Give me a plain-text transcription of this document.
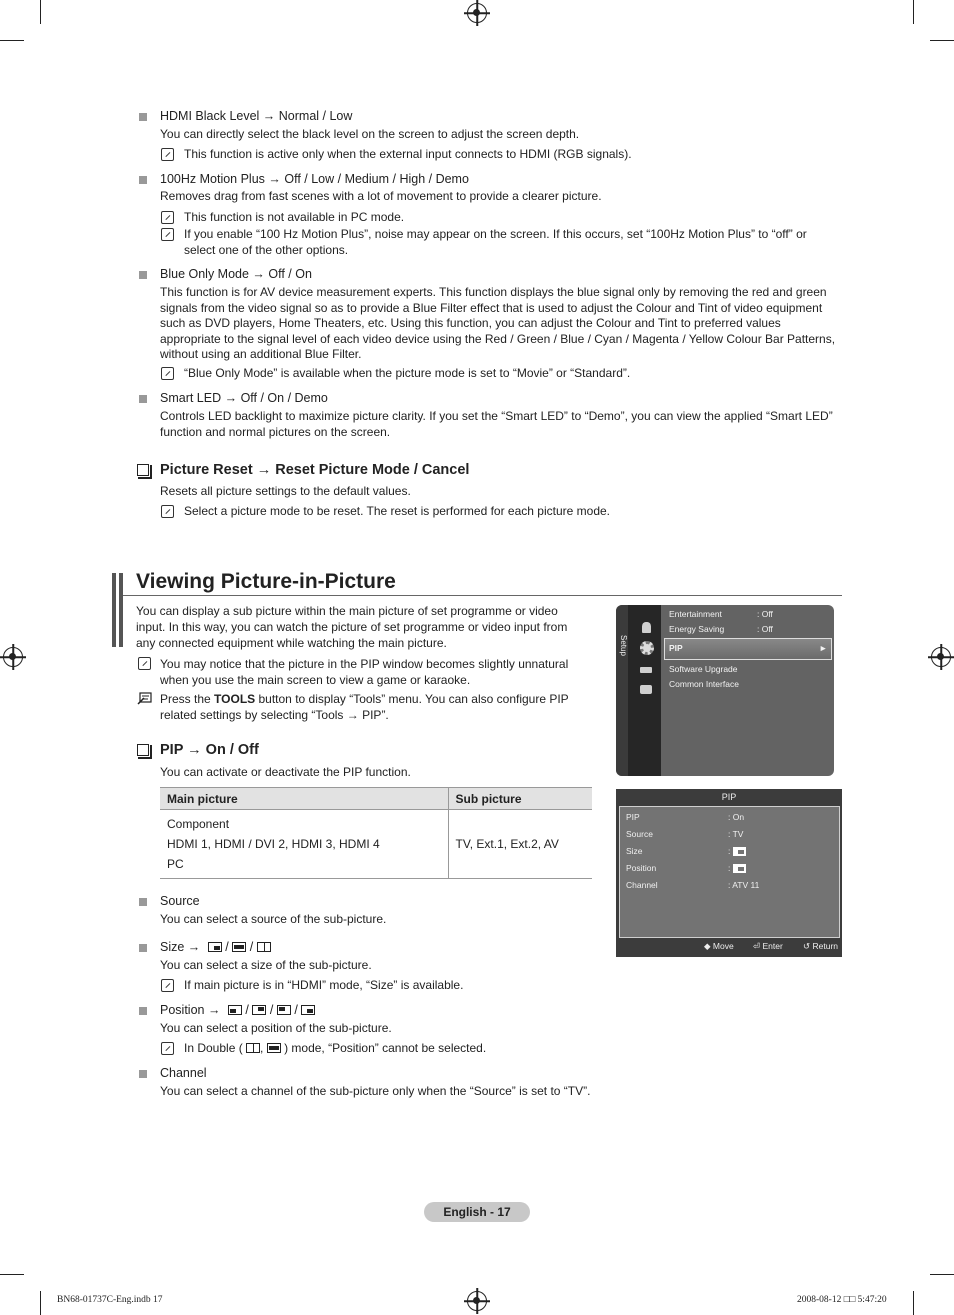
HDMI Black Level → Normal / Low
You can directly select the black level on the screen to adjust the screen depth.
This function is active only when the external input connects to HDMI (RGB signals).
100Hz Motion Plus → Off / Low / Medium / High / Demo
Removes drag from fast scenes with a lot of movement to provide a clearer picture.
This function is not available in PC mode.
If you enable “100 Hz Motion Plus”, noise may appear on the screen. If this occurs, set “100Hz Motion Plus” to “off” or select one of the other options.
Blue Only Mode → Off / On
This function is for AV device measurement experts. This function displays the blue signal only by removing the red and green signals from the video signal so as to provide a Blue Filter effect that is used to adjust the Colour and Tint of video equipment such as DVD players, Home Theaters, etc. Using this function, you can adjust the Colour and Tint to preferred values appropriate to the signal level of each video device using the Red / Green / Blue / Cyan / Magenta / Yellow Colour Bar Patterns, without using an additional Blue Filter.
“Blue Only Mode” is available when the picture mode is set to “Movie” or “Standard”.
Smart LED → Off / On / Demo
Controls LED backlight to maximize picture clarity. If you set the “Smart LED” to “Demo”, you can view the applied “Smart LED” function and normal pictures on the screen.
Picture Reset → Reset Picture Mode / Cancel
Resets all picture settings to the default values.
Select a picture mode to be reset. The reset is performed for each picture mode.
Viewing Picture-in-Picture
You can display a sub picture within the main picture of set programme or video input. In this way, you can watch the picture of set programme or video input from any connected equipment while watching the main picture.
You may notice that the picture in the PIP window becomes slightly unnatural when you use the main screen to view a game or karaoke.
Press the TOOLS button to display “Tools” menu. You can also configure PIP related settings by selecting “Tools → PIP”.
PIP → On / Off
You can activate or deactivate the PIP function.
Main picture	Sub picture

Component
HDMI 1, HDMI / DVI 2, HDMI 3, HDMI 4
PC	TV, Ext.1, Ext.2, AV
Source
You can select a source of the sub-picture.
Size → / /
You can select a size of the sub-picture.
If main picture is in “HDMI” mode, “Size” is available.
Position → / / /
You can select a position of the sub-picture.
In Double ( , ) mode, “Position” cannot be selected.
Channel
You can select a channel of the sub-picture only when the “Source” is set to “TV”.
Setup
Entertainment	: Off
Energy Saving	: Off
PIP	►
Software Upgrade
Common Interface
PIP
PIP	: On
Source	: TV
Size	:
Position	:
Channel	: ATV 11
◆ Move ⏎ Enter ↺ Return
English - 17
BN68-01737C-Eng.indb 17	2008-08-12 □□ 5:47:20
